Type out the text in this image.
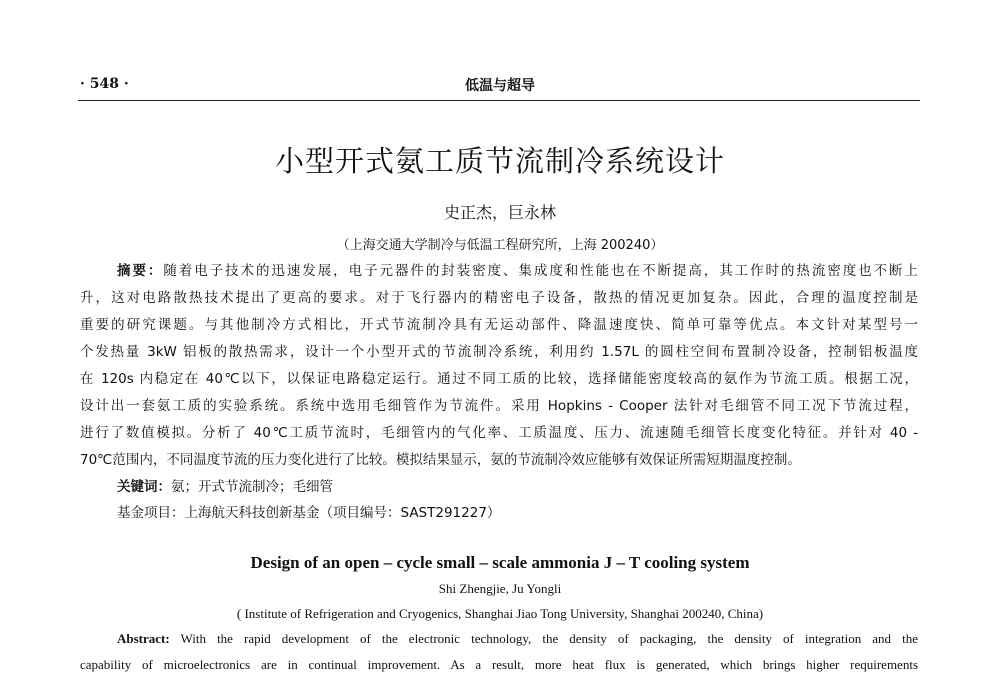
· 548 ·	低温与超导
小型开式氨工质节流制冷系统设计
史正杰，巨永林
（上海交通大学制冷与低温工程研究所，上海 200240）
摘要：随着电子技术的迅速发展，电子元器件的封装密度、集成度和性能也在不断提高，其工作时的热流密度也不断上
升，这对电路散热技术提出了更高的要求。对于飞行器内的精密电子设备，散热的情况更加复杂。因此，合理的温度控制是
重要的研究课题。与其他制冷方式相比，开式节流制冷具有无运动部件、降温速度快、简单可靠等优点。本文针对某型号一
个发热量 3kW 铝板的散热需求，设计一个小型开式的节流制冷系统，利用约 1.57L 的圆柱空间布置制冷设备，控制铝板温度
在 120s 内稳定在 40℃以下，以保证电路稳定运行。通过不同工质的比较，选择储能密度较高的氨作为节流工质。根据工况，
设计出一套氨工质的实验系统。系统中选用毛细管作为节流件。采用 Hopkins - Cooper 法针对毛细管不同工况下节流过程，
进行了数值模拟。分析了 40℃工质节流时，毛细管内的气化率、工质温度、压力、流速随毛细管长度变化特征。并针对 40 -
70℃范围内，不同温度节流的压力变化进行了比较。模拟结果显示，氨的节流制冷效应能够有效保证所需短期温度控制。
关键词：氨；开式节流制冷；毛细管
基金项目：上海航天科技创新基金（项目编号：SAST291227）
Design of an open – cycle small – scale ammonia J – T cooling system
Shi Zhengjie, Ju Yongli
( Institute of Refrigeration and Cryogenics, Shanghai Jiao Tong University, Shanghai 200240, China)
Abstract: With the rapid development of the electronic technology, the density of packaging, the density of integration and the
capability of microelectronics are in continual improvement. As a result, more heat flux is generated, which brings higher requirements
